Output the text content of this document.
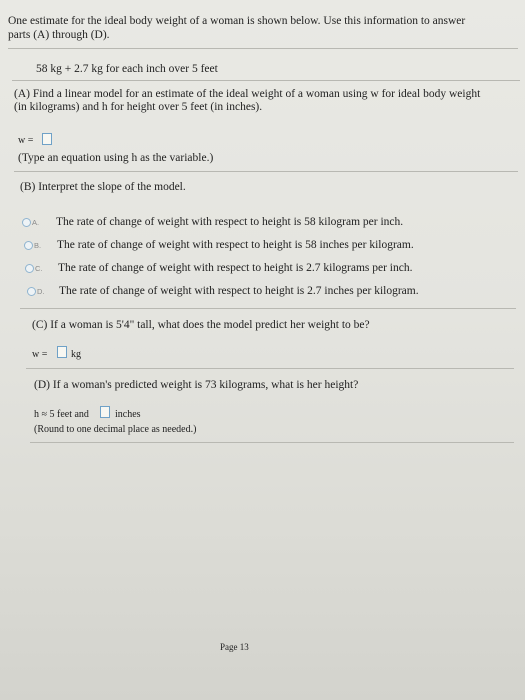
One estimate for the ideal body weight of a woman is shown below. Use this information to answer
parts (A) through (D).
58 kg + 2.7 kg for each inch over 5 feet
(A) Find a linear model for an estimate of the ideal weight of a woman using w for ideal body weight
(in kilograms) and h for height over 5 feet (in inches).
w =
(Type an equation using h as the variable.)
(B) Interpret the slope of the model.
A. The rate of change of weight with respect to height is 58 kilogram per inch.
B. The rate of change of weight with respect to height is 58 inches per kilogram.
C. The rate of change of weight with respect to height is 2.7 kilograms per inch.
D. The rate of change of weight with respect to height is 2.7 inches per kilogram.
(C) If a woman is 5'4" tall, what does the model predict her weight to be?
w = kg
(D) If a woman's predicted weight is 73 kilograms, what is her height?
h ≈ 5 feet and	inches
(Round to one decimal place as needed.)
Page 13
